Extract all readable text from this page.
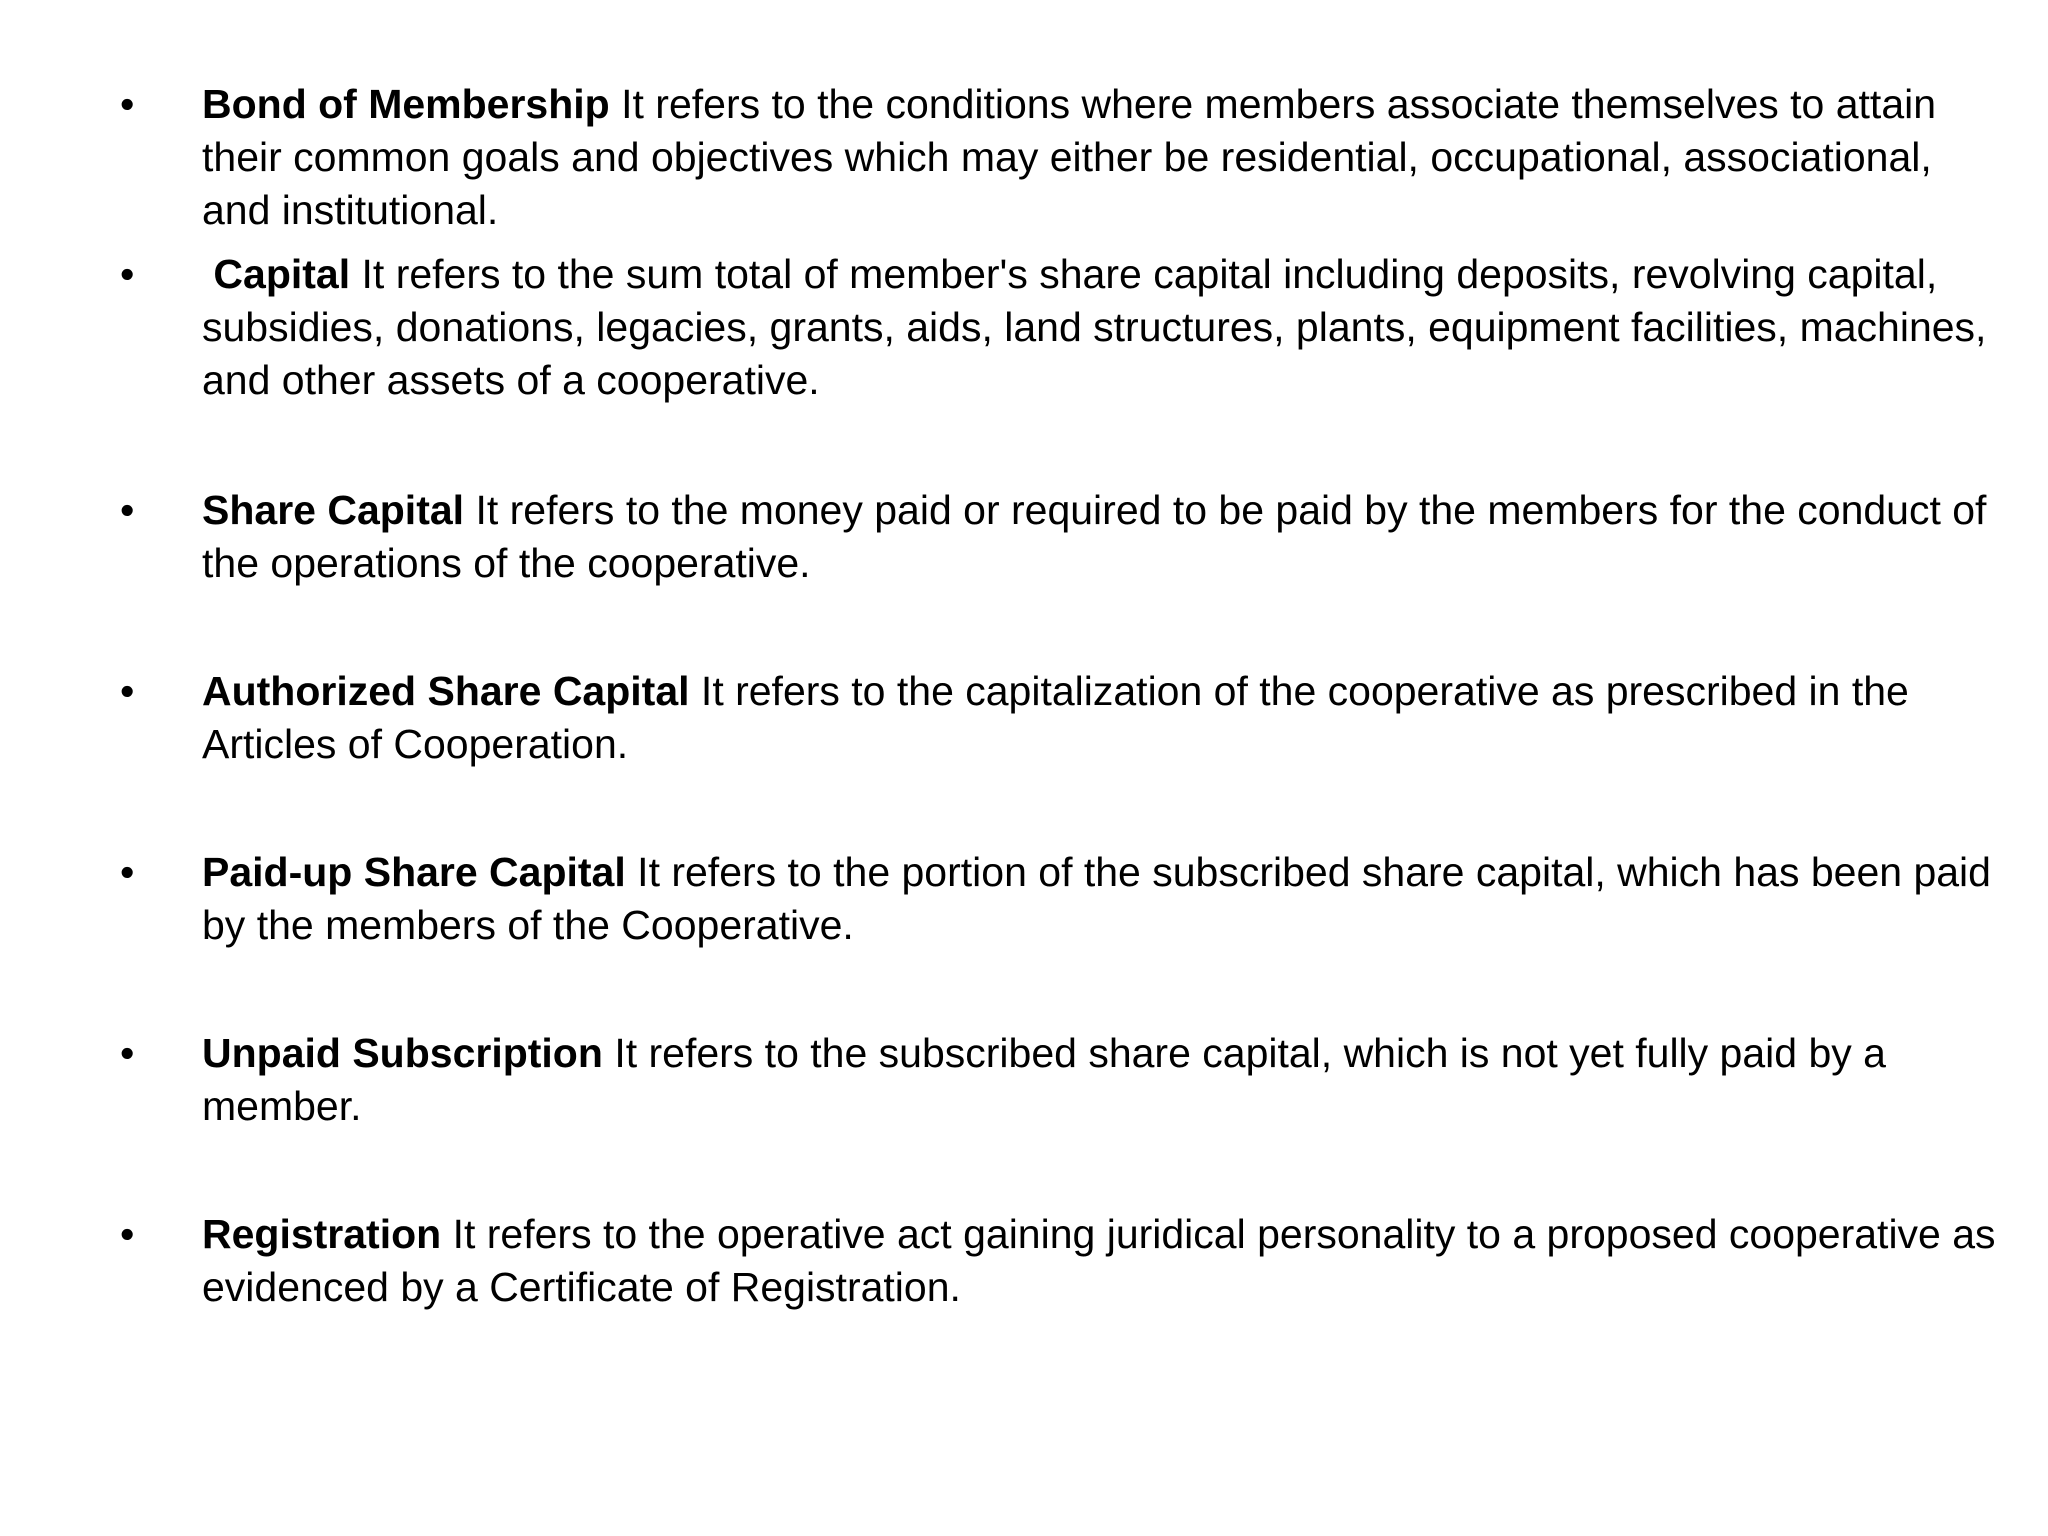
•	Bond of Membership It refers to the conditions where members associate themselves to attain their common goals and objectives which may either be residential, occupational, associational, and institutional.
•	Capital It refers to the sum total of member's share capital including deposits, revolving capital, subsidies, donations, legacies, grants, aids, land structures, plants, equipment facilities, machines, and other assets of a cooperative.
•	Share Capital It refers to the money paid or required to be paid by the members for the conduct of the operations of the cooperative.
•	Authorized Share Capital It refers to the capitalization of the cooperative as prescribed in the Articles of Cooperation.
•	Paid-up Share Capital It refers to the portion of the subscribed share capital, which has been paid by the members of the Cooperative.
•	Unpaid Subscription It refers to the subscribed share capital, which is not yet fully paid by a member.
•	Registration It refers to the operative act gaining juridical personality to a proposed cooperative as evidenced by a Certificate of Registration.
